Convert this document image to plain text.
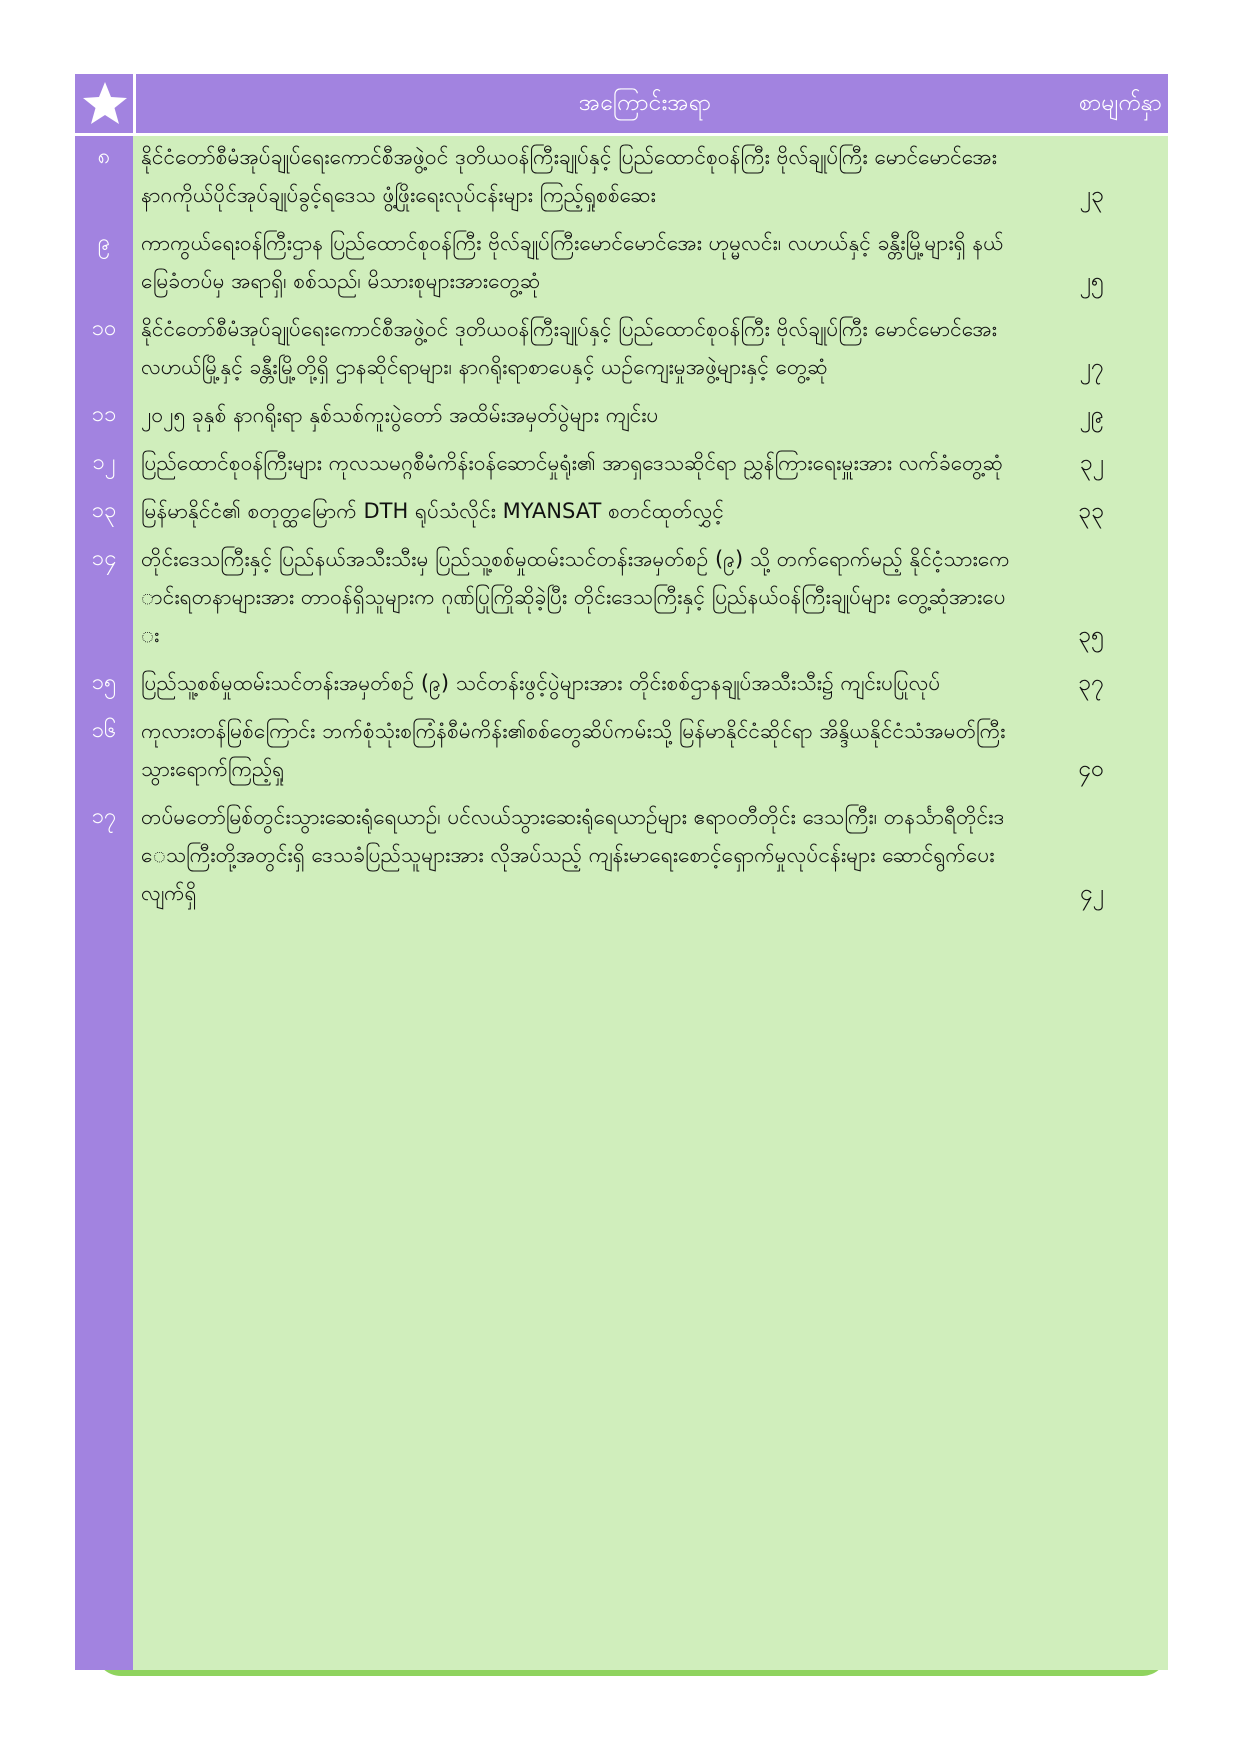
အကြောင်းအရာ	စာမျက်နှာ
၈	နိုင်ငံတော်စီမံအုပ်ချုပ်ရေးကောင်စီအဖွဲ့ဝင် ဒုတိယဝန်ကြီးချုပ်နှင့် ပြည်ထောင်စုဝန်ကြီး ဗိုလ်ချုပ်ကြီး မောင်မောင်အေး နာဂကိုယ်ပိုင်အုပ်ချုပ်ခွင့်ရဒေသ ဖွံ့ဖြိုးရေးလုပ်ငန်းများ ကြည့်ရှုစစ်ဆေး	၂၃
၉	ကာကွယ်ရေးဝန်ကြီးဌာန ပြည်ထောင်စုဝန်ကြီး ဗိုလ်ချုပ်ကြီးမောင်မောင်အေး ဟုမ္မလင်း၊ လဟယ်နှင့် ခန္တီးမြို့များရှိ နယ်မြေခံတပ်မှ အရာရှိ၊ စစ်သည်၊ မိသားစုများအားတွေ့ဆုံ	၂၅
၁၀	နိုင်ငံတော်စီမံအုပ်ချုပ်ရေးကောင်စီအဖွဲ့ဝင် ဒုတိယဝန်ကြီးချုပ်နှင့် ပြည်ထောင်စုဝန်ကြီး ဗိုလ်ချုပ်ကြီး မောင်မောင်အေး လဟယ်မြို့နှင့် ခန္တီးမြို့တို့ရှိ ဌာနဆိုင်ရာများ၊ နာဂရိုးရာစာပေနှင့် ယဉ်ကျေးမှုအဖွဲ့များနှင့် တွေ့ဆုံ	၂၇
၁၁	၂၀၂၅ ခုနှစ် နာဂရိုးရာ နှစ်သစ်ကူးပွဲတော် အထိမ်းအမှတ်ပွဲများ ကျင်းပ	၂၉
၁၂	ပြည်ထောင်စုဝန်ကြီးများ ကုလသမဂ္ဂစီမံကိန်းဝန်ဆောင်မှုရုံး၏ အာရှဒေသဆိုင်ရာ ညွှန်ကြားရေးမှူးအား လက်ခံတွေ့ဆုံ	၃၂
၁၃	မြန်မာနိုင်ငံ၏ စတုတ္ထမြောက် DTH ရုပ်သံလိုင်း MYANSAT စတင်ထုတ်လွှင့်	၃၃
၁၄	တိုင်းဒေသကြီးနှင့် ပြည်နယ်အသီးသီးမှ ပြည်သူ့စစ်မှုထမ်းသင်တန်းအမှတ်စဉ် (၉) သို့ တက်ရောက်မည့် နိုင်ငံ့သားကောင်းရတနာများအား တာဝန်ရှိသူများက ဂုဏ်ပြုကြိုဆိုခဲ့ပြီး တိုင်းဒေသကြီးနှင့် ပြည်နယ်ဝန်ကြီးချုပ်များ တွေ့ဆုံအားပေး	၃၅
၁၅	ပြည်သူ့စစ်မှုထမ်းသင်တန်းအမှတ်စဉ် (၉) သင်တန်းဖွင့်ပွဲများအား တိုင်းစစ်ဌာနချုပ်အသီးသီး၌ ကျင်းပပြုလုပ်	၃၇
၁၆	ကုလားတန်မြစ်ကြောင်း ဘက်စုံသုံးစကြံနံစီမံကိန်း၏စစ်တွေဆိပ်ကမ်းသို့ မြန်မာနိုင်ငံဆိုင်ရာ အိန္ဒိယနိုင်ငံသံအမတ်ကြီး သွားရောက်ကြည့်ရှု	၄၀
၁၇	တပ်မတော်မြစ်တွင်းသွားဆေးရုံရေယာဉ်၊ ပင်လယ်သွားဆေးရုံရေယာဉ်များ ဧရာဝတီတိုင်း ဒေသကြီး၊ တနင်္သာရီတိုင်းဒေသကြီးတို့အတွင်းရှိ ဒေသခံပြည်သူများအား လိုအပ်သည့် ကျန်းမာရေးစောင့်ရှောက်မှုလုပ်ငန်းများ ဆောင်ရွက်ပေးလျက်ရှိ	၄၂
